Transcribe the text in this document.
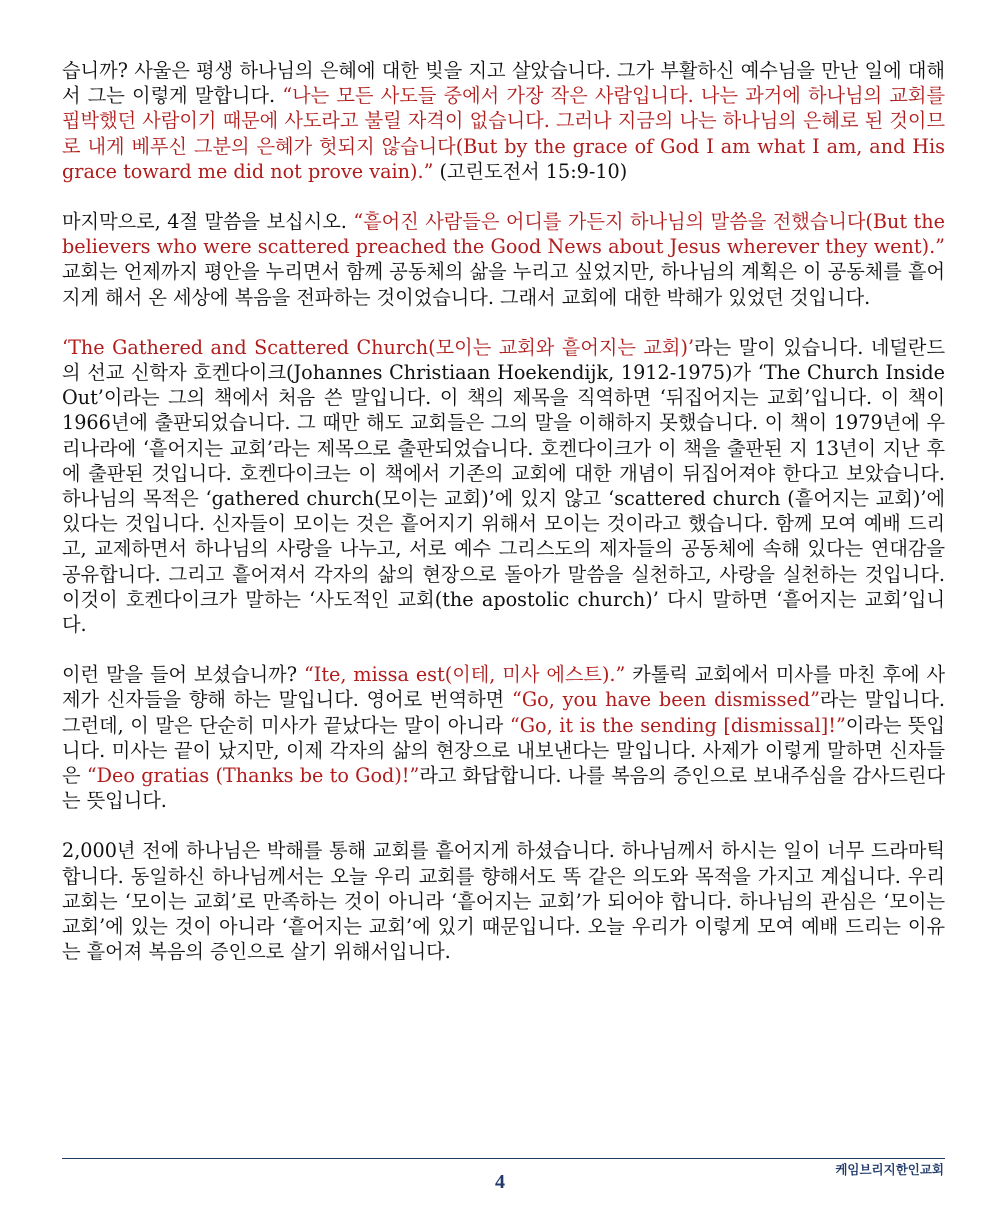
습니까? 사울은 평생 하나님의 은혜에 대한 빚을 지고 살았습니다. 그가 부활하신 예수님을 만난 일에 대해서 그는 이렇게 말합니다. “나는 모든 사도들 중에서 가장 작은 사람입니다. 나는 과거에 하나님의 교회를 핍박했던 사람이기 때문에 사도라고 불릴 자격이 없습니다. 그러나 지금의 나는 하나님의 은혜로 된 것이므로 내게 베푸신 그분의 은혜가 헛되지 않습니다(But by the grace of God I am what I am, and His grace toward me did not prove vain).” (고린도전서 15:9-10)

마지막으로, 4절 말씀을 보십시오. “흩어진 사람들은 어디를 가든지 하나님의 말씀을 전했습니다(But the believers who were scattered preached the Good News about Jesus wherever they went).” 교회는 언제까지 평안을 누리면서 함께 공동체의 삶을 누리고 싶었지만, 하나님의 계획은 이 공동체를 흩어지게 해서 온 세상에 복음을 전파하는 것이었습니다. 그래서 교회에 대한 박해가 있었던 것입니다.

‘The Gathered and Scattered Church(모이는 교회와 흩어지는 교회)’라는 말이 있습니다. 네덜란드의 선교 신학자 호켄다이크(Johannes Christiaan Hoekendijk, 1912-1975)가 ‘The Church Inside Out’이라는 그의 책에서 처음 쓴 말입니다. 이 책의 제목을 직역하면 ‘뒤집어지는 교회’입니다. 이 책이 1966년에 출판되었습니다. 그 때만 해도 교회들은 그의 말을 이해하지 못했습니다. 이 책이 1979년에 우리나라에 ‘흩어지는 교회’라는 제목으로 출판되었습니다. 호켄다이크가 이 책을 출판된 지 13년이 지난 후에 출판된 것입니다. 호켄다이크는 이 책에서 기존의 교회에 대한 개념이 뒤집어져야 한다고 보았습니다. 하나님의 목적은 ‘gathered church(모이는 교회)’에 있지 않고 ‘scattered church (흩어지는 교회)’에 있다는 것입니다. 신자들이 모이는 것은 흩어지기 위해서 모이는 것이라고 했습니다. 함께 모여 예배 드리고, 교제하면서 하나님의 사랑을 나누고, 서로 예수 그리스도의 제자들의 공동체에 속해 있다는 연대감을 공유합니다. 그리고 흩어져서 각자의 삶의 현장으로 돌아가 말씀을 실천하고, 사랑을 실천하는 것입니다. 이것이 호켄다이크가 말하는 ‘사도적인 교회(the apostolic church)’ 다시 말하면 ‘흩어지는 교회’입니다.

이런 말을 들어 보셨습니까? “Ite, missa est(이테, 미사 에스트).” 카톨릭 교회에서 미사를 마친 후에 사제가 신자들을 향해 하는 말입니다. 영어로 번역하면 “Go, you have been dismissed”라는 말입니다. 그런데, 이 말은 단순히 미사가 끝났다는 말이 아니라 “Go, it is the sending [dismissal]!”이라는 뜻입니다. 미사는 끝이 났지만, 이제 각자의 삶의 현장으로 내보낸다는 말입니다. 사제가 이렇게 말하면 신자들은 “Deo gratias (Thanks be to God)!”라고 화답합니다. 나를 복음의 증인으로 보내주심을 감사드린다는 뜻입니다.

2,000년 전에 하나님은 박해를 통해 교회를 흩어지게 하셨습니다. 하나님께서 하시는 일이 너무 드라마틱합니다. 동일하신 하나님께서는 오늘 우리 교회를 향해서도 똑 같은 의도와 목적을 가지고 계십니다. 우리 교회는 ‘모이는 교회’로 만족하는 것이 아니라 ‘흩어지는 교회’가 되어야 합니다. 하나님의 관심은 ‘모이는 교회’에 있는 것이 아니라 ‘흩어지는 교회’에 있기 때문입니다. 오늘 우리가 이렇게 모여 예배 드리는 이유는 흩어져 복음의 증인으로 살기 위해서입니다.

4
케임브리지한인교회
